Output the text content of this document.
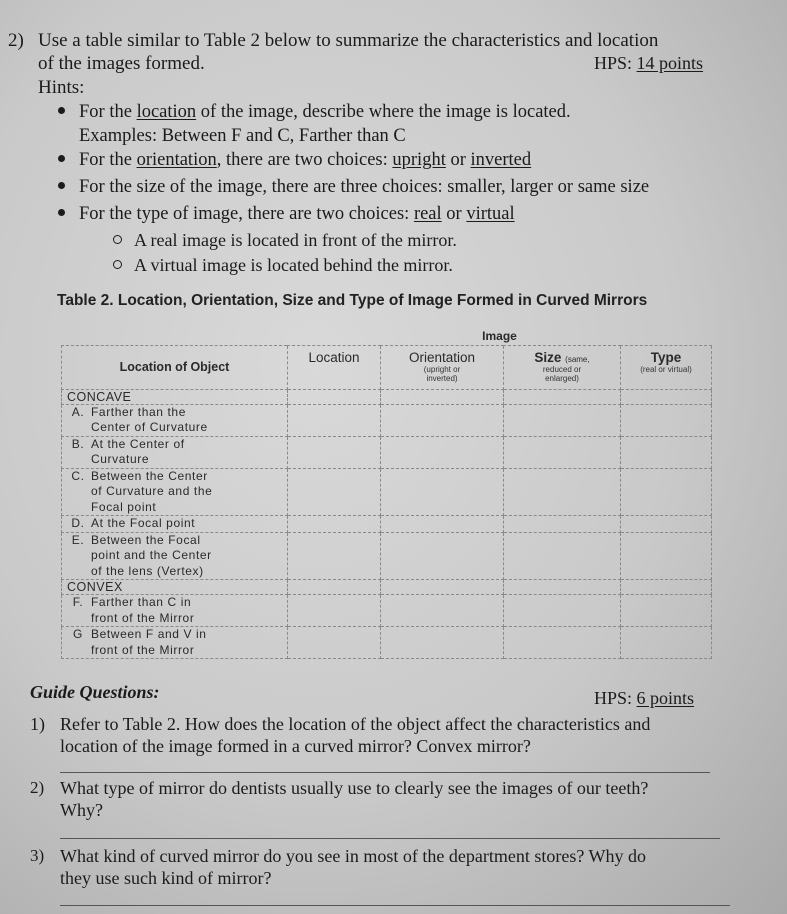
2) Use a table similar to Table 2 below to summarize the characteristics and location
of the images formed.	HPS: 14 points
Hints:
For the location of the image, describe where the image is located.
Examples: Between F and C, Farther than C
For the orientation, there are two choices: upright or inverted
For the size of the image, there are three choices: smaller, larger or same size
For the type of image, there are two choices: real or virtual
A real image is located in front of the mirror.
A virtual image is located behind the mirror.
Table 2. Location, Orientation, Size and Type of Image Formed in Curved Mirrors
	Image			
Location of Object	Location	Orientation
(upright or
inverted)	Size (same,
reduced or
enlarged)	Type
(real or virtual)

CONCAVE				
A. Farther than the
Center of Curvature				

B. At the Center of
Curvature				

C. Between the Center
of Curvature and the
Focal point				

D. At the Focal point				
E. Between the Focal
point and the Center
of the lens (Vertex)				

CONVEX				
F. Farther than C in
front of the Mirror				

G Between F and V in
front of the Mirror				

Guide Questions:	HPS: 6 points
1) Refer to Table 2. How does the location of the object affect the characteristics and
location of the image formed in a curved mirror? Convex mirror?
2) What type of mirror do dentists usually use to clearly see the images of our teeth?
Why?
3) What kind of curved mirror do you see in most of the department stores? Why do
they use such kind of mirror?
